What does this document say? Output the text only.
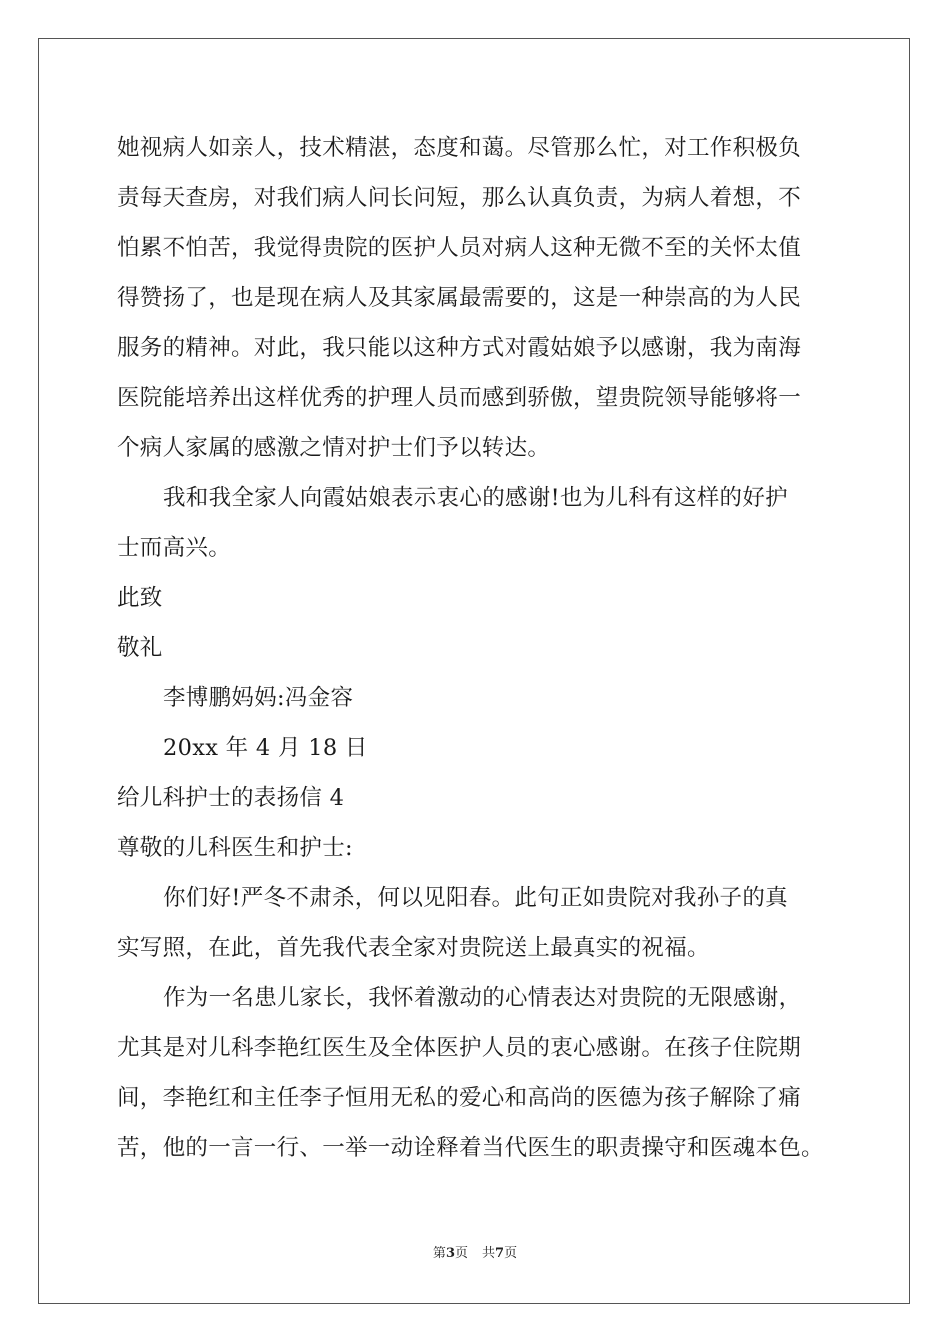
她视病人如亲人，技术精湛，态度和蔼。尽管那么忙，对工作积极负
责每天查房，对我们病人问长问短，那么认真负责，为病人着想，不
怕累不怕苦，我觉得贵院的医护人员对病人这种无微不至的关怀太值
得赞扬了，也是现在病人及其家属最需要的，这是一种崇高的为人民
服务的精神。对此，我只能以这种方式对霞姑娘予以感谢，我为南海
医院能培养出这样优秀的护理人员而感到骄傲，望贵院领导能够将一
个病人家属的感激之情对护士们予以转达。
我和我全家人向霞姑娘表示衷心的感谢!也为儿科有这样的好护
士而高兴。
此致
敬礼
李博鹏妈妈:冯金容
20xx 年 4 月 18 日
给儿科护士的表扬信 4
尊敬的儿科医生和护士:
你们好!严冬不肃杀，何以见阳春。此句正如贵院对我孙子的真
实写照，在此，首先我代表全家对贵院送上最真实的祝福。
作为一名患儿家长，我怀着激动的心情表达对贵院的无限感谢，
尤其是对儿科李艳红医生及全体医护人员的衷心感谢。在孩子住院期
间，李艳红和主任李子恒用无私的爱心和高尚的医德为孩子解除了痛
苦，他的一言一行、一举一动诠释着当代医生的职责操守和医魂本色。
第3页 共7页
